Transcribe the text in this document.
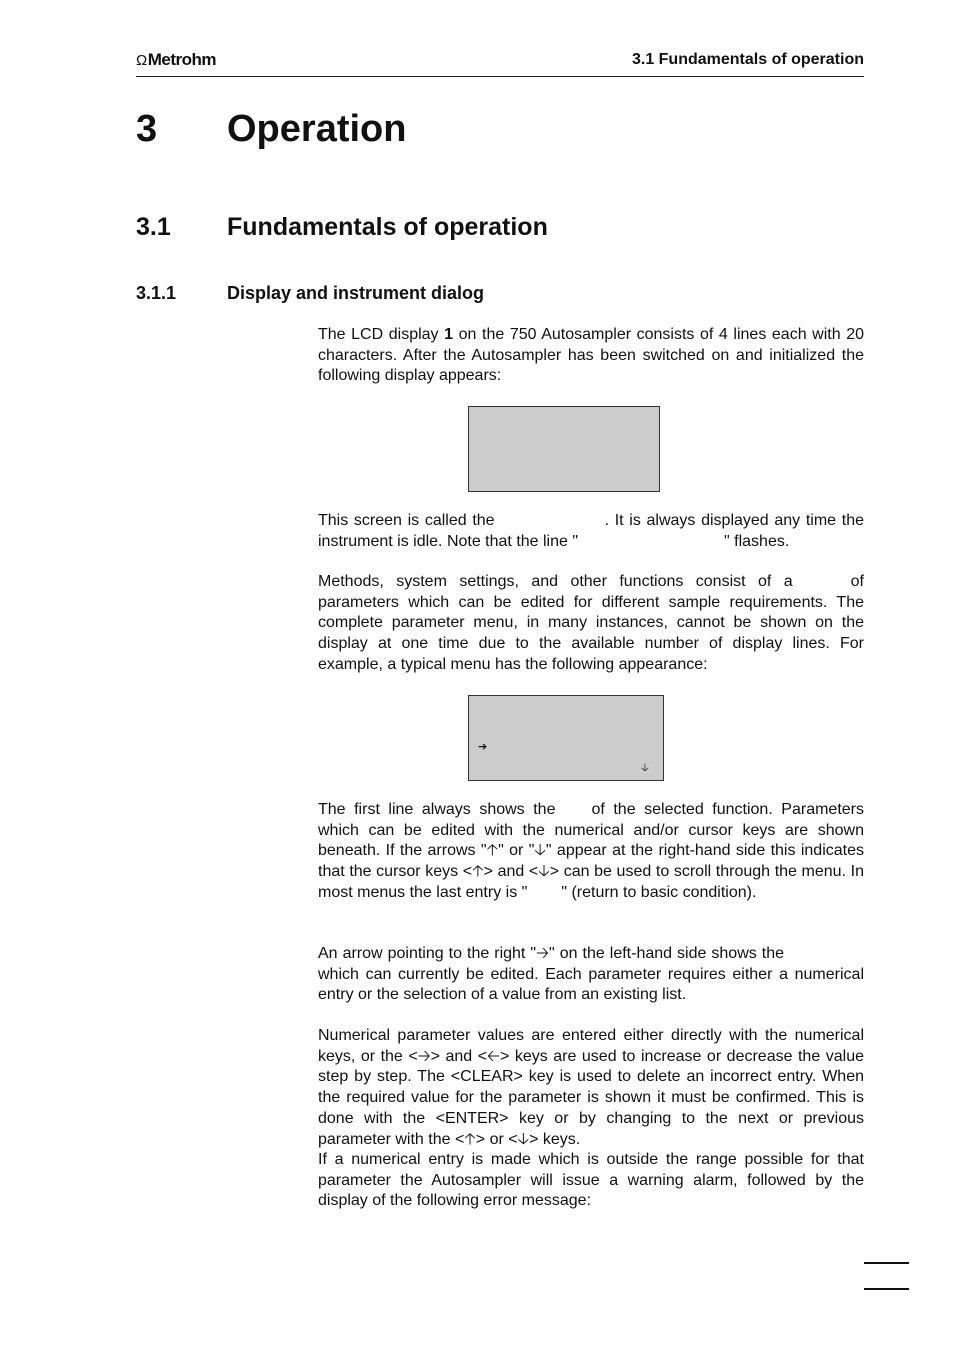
ΩMetrohm	3.1 Fundamentals of operation
3 Operation
3.1 Fundamentals of operation
3.1.1	Display and instrument dialog

The LCD display 1 on the 750 Autosampler consists of 4 lines each with 20 characters. After the Autosampler has been switched on and initialized the following display appears:

This screen is called the	. It is always displayed any time the instrument is idle. Note that the line "	" flashes.

Methods, system settings, and other functions consist of a	of parameters which can be edited for different sample requirements. The complete parameter menu, in many instances, cannot be shown on the display at one time due to the available number of display lines. For example, a typical menu has the following appearance:

➔
🡣

The first line always shows the of the selected function. Parameters which can be edited with the numerical and/or cursor keys are shown beneath. If the arrows "🡡" or "🡣" appear at the right-hand side this indicates that the cursor keys <🡡> and <🡣> can be used to scroll through the menu. In most menus the last entry is " " (return to basic condition).

An arrow pointing to the right "🡢" on the left-hand side shows thewhich can currently be edited. Each parameter requires either a numerical entry or the selection of a value from an existing list.

Numerical parameter values are entered either directly with the numerical keys, or the <🡢> and <🡠> keys are used to increase or decrease the value step by step. The <CLEAR> key is used to delete an incorrect entry. When the required value for the parameter is shown it must be confirmed. This is done with the <ENTER> key or by changing to the next or previous parameter with the <🡡> or <🡣> keys.

If a numerical entry is made which is outside the range possible for that parameter the Autosampler will issue a warning alarm, followed by the display of the following error message:
